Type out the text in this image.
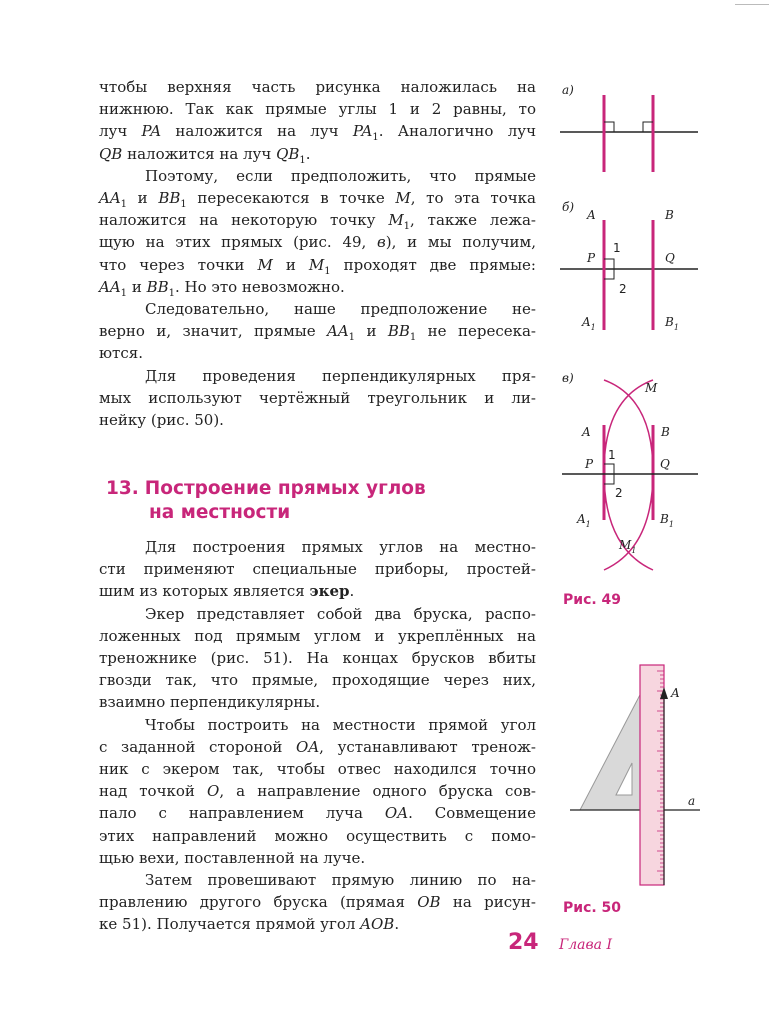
чтобы верхняя часть рисунка наложилась на

нижнюю. Так как прямые углы 1 и 2 равны, то

луч PA наложится на луч $PA_1$. Аналогично луч

QB наложится на луч $QB_1$.

Поэтому, если предположить, что прямые

$AA_1$ и $BB_1$ пересекаются в точке M, то эта точка

наложится на некоторую точку $M_1$, также лежа-

щую на этих прямых (рис. 49, в), и мы получим,

что через точки M и $M_1$ проходят две прямые:

$AA_1$ и $BB_1$. Но это невозможно.

Следовательно, наше предположение не-

верно и, значит, прямые $AA_1$ и $BB_1$ не пересека-

ются.

Для проведения перпендикулярных пря-

мых используют чертёжный треугольник и ли-

нейку (рис. 50).

13. Построение прямых углов
на местности

Для построения прямых углов на местно-

сти применяют специальные приборы, простей-

шим из которых является экер.

Экер представляет собой два бруска, распо-

ложенных под прямым углом и укреплённых на

треножнике (рис. 51). На концах брусков вбиты

гвозди так, что прямые, проходящие через них,

взаимно перпендикулярны.

Чтобы построить на местности прямой угол

с заданной стороной OA, устанавливают тренож-

ник с экером так, чтобы отвес находился точно

над точкой O, а направление одного бруска сов-

пало с направлением луча OA. Совмещение

этих направлений можно осуществить с помо-

щью вехи, поставленной на луче.

Затем провешивают прямую линию по на-

правлению другого бруска (прямая OB на рисун-

ке 51). Получается прямой угол AOB.

а)
б)
A	B
P	Q
1
2
$A_1$	$B_1$
в)
M
A	B
P	Q
1
2
$A_1$	$B_1$
$M_1$
Рис. 49
A
a
Рис. 50
24 Глава I
